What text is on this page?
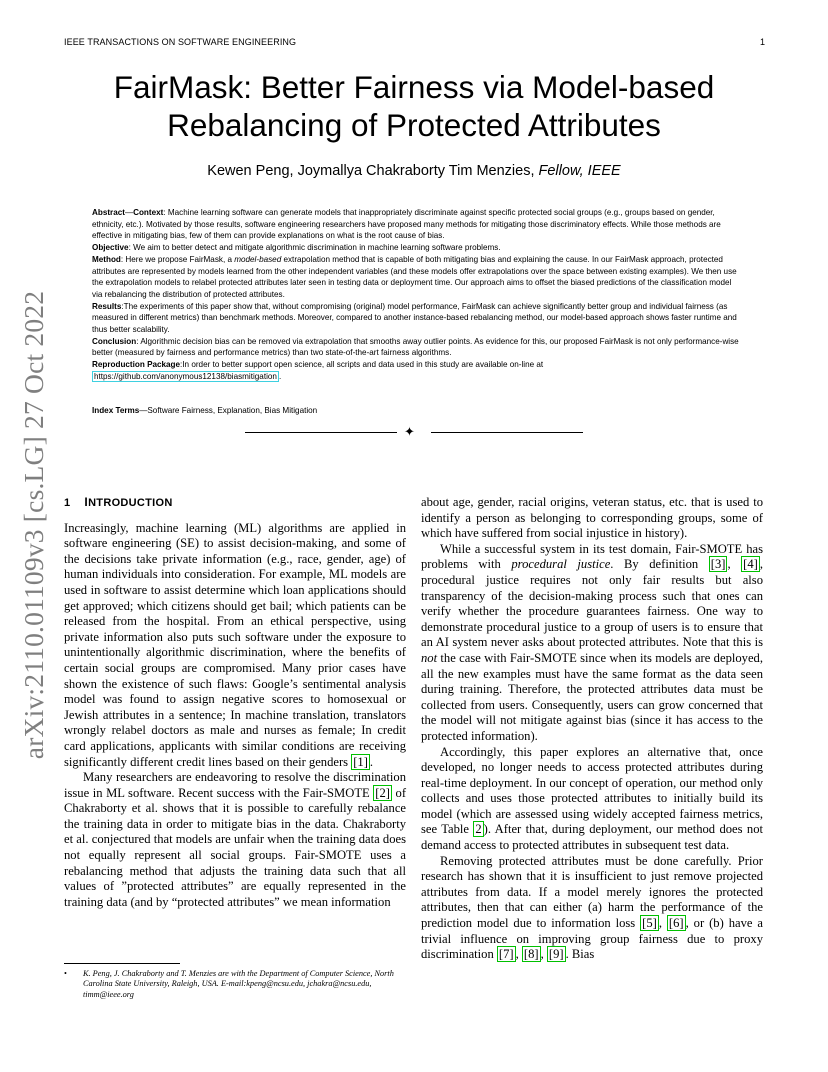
IEEE TRANSACTIONS ON SOFTWARE ENGINEERING	1
arXiv:2110.01109v3 [cs.LG] 27 Oct 2022
FairMask: Better Fairness via Model-based
Rebalancing of Protected Attributes
Kewen Peng, Joymallya Chakraborty Tim Menzies, Fellow, IEEE

Abstract—Context: Machine learning software can generate models that inappropriately discriminate against specific protected social groups (e.g., groups based on gender, ethnicity, etc.). Motivated by those results, software engineering researchers have proposed many methods for mitigating those discriminatory effects. While those methods are effective in mitigating bias, few of them can provide explanations on what is the root cause of bias.

Objective: We aim to better detect and mitigate algorithmic discrimination in machine learning software problems.

Method: Here we propose FairMask, a model-based extrapolation method that is capable of both mitigating bias and explaining the cause. In our FairMask approach, protected attributes are represented by models learned from the other independent variables (and these models offer extrapolations over the space between existing examples). We then use the extrapolation models to relabel protected attributes later seen in testing data or deployment time. Our approach aims to offset the biased predictions of the classification model via rebalancing the distribution of protected attributes.

Results:The experiments of this paper show that, without compromising (original) model performance, FairMask can achieve significantly better group and individual fairness (as measured in different metrics) than benchmark methods. Moreover, compared to another instance-based rebalancing method, our model-based approach shows faster runtime and thus better scalability.

Conclusion: Algorithmic decision bias can be removed via extrapolation that smooths away outlier points. As evidence for this, our proposed FairMask is not only performance-wise better (measured by fairness and performance metrics) than two state-of-the-art fairness algorithms.

Reproduction Package:In order to better support open science, all scripts and data used in this study are available on-line at
https://github.com/anonymous12138/biasmitigation .

Index Terms—Software Fairness, Explanation, Bias Mitigation
✦
1 INTRODUCTION

Increasingly, machine learning (ML) algorithms are applied in software engineering (SE) to assist decision-making, and some of the decisions take private information (e.g., race, gender, age) of human individuals into consideration. For example, ML models are used in software to assist determine which loan applications should get approved; which citizens should get bail; which patients can be released from the hospital. From an ethical perspective, using private information also puts such software under the exposure to unintentionally algorithmic discrimination, where the benefits of certain social groups are compromised. Many prior cases have shown the existence of such flaws: Google’s sentimental analysis model was found to assign negative scores to homosexual or Jewish attributes in a sentence; In machine translation, translators wrongly relabel doctors as male and nurses as female; In credit card applications, applicants with similar conditions are receiving significantly different credit lines based on their genders [1] .

Many researchers are endeavoring to resolve the discrimination issue in ML software. Recent success with the Fair-SMOTE [2] of Chakraborty et al. shows that it is possible to carefully rebalance the training data in order to mitigate bias in the data. Chakraborty et al. conjectured that models are unfair when the training data does not equally represent all social groups. Fair-SMOTE uses a rebalancing method that adjusts the training data such that all values of ”protected attributes” are equally represented in the training data (and by “protected attributes” we mean information

•	K. Peng, J. Chakraborty and T. Menzies are with the Department of Computer Science, North Carolina State University, Raleigh, USA. E-mail:kpeng@ncsu.edu, jchakra@ncsu.edu, timm@ieee.org

about age, gender, racial origins, veteran status, etc. that is used to identify a person as belonging to corresponding groups, some of which have suffered from social injustice in history).

While a successful system in its test domain, Fair-SMOTE has problems with procedural justice. By definition [3] , [4] , procedural justice requires not only fair results but also transparency of the decision-making process such that ones can verify whether the procedure guarantees fairness. One way to demonstrate procedural justice to a group of users is to ensure that an AI system never asks about protected attributes. Note that this is not the case with Fair-SMOTE since when its models are deployed, all the new examples must have the same format as the data seen during training. Therefore, the protected attributes data must be collected from users. Consequently, users can grow concerned that the model will not mitigate against bias (since it has access to the protected information).

Accordingly, this paper explores an alternative that, once developed, no longer needs to access protected attributes during real-time deployment. In our concept of operation, our method only collects and uses those protected attributes to initially build its model (which are assessed using widely accepted fairness metrics, see Table 2 ). After that, during deployment, our method does not demand access to protected attributes in subsequent test data.

Removing protected attributes must be done carefully. Prior research has shown that it is insufficient to just remove projected attributes from data. If a model merely ignores the protected attributes, then that can either (a) harm the performance of the prediction model due to information loss [5] , [6] , or (b) have a trivial influence on improving group fairness due to proxy discrimination [7] , [8] , [9] . Bias
